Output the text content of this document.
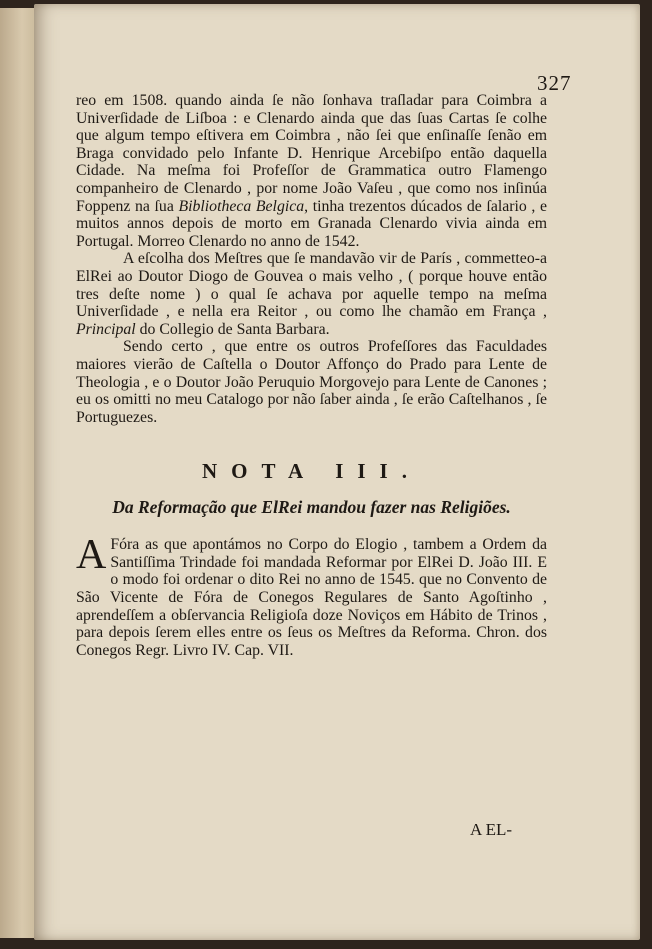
327

reo em 1508. quando ainda ſe não ſonhava traſladar para Coimbra a Univerſidade de Liſboa : e Clenardo ainda que das ſuas Cartas ſe colhe que algum tempo eſtivera em Coimbra , não ſei que enſinaſſe ſenão em Braga convidado pelo Infante D. Henrique Arcebiſpo então daquella Cidade. Na meſma foi Profeſſor de Grammatica outro Flamengo companheiro de Clenardo , por nome João Vaſeu , que como nos inſinúa Foppenz na ſua Bibliotheca Belgica, tinha trezentos dúcados de ſalario , e muitos annos depois de morto em Granada Clenardo vivia ainda em Portugal. Morreo Clenardo no anno de 1542.

A eſcolha dos Meſtres que ſe mandavão vir de París , commetteo-a ElRei ao Doutor Diogo de Gouvea o mais velho , ( porque houve então tres deſte nome ) o qual ſe achava por aquelle tempo na meſma Univerſidade , e nella era Reitor , ou como lhe chamão em França , Principal do Collegio de Santa Barbara.

Sendo certo , que entre os outros Profeſſores das Faculdades maiores vierão de Caſtella o Doutor Affonço do Prado para Lente de Theologia , e o Doutor João Peruquio Morgovejo para Lente de Canones ; eu os omitti no meu Catalogo por não ſaber ainda , ſe erão Caſtelhanos , ſe Portuguezes.

NOTA III.
Da Reformação que ElRei mandou fazer nas Religiões.

A Fóra as que apontámos no Corpo do Elogio , tambem a Ordem da Santiſſima Trindade foi mandada Reformar por ElRei D. João III. E o modo foi ordenar o dito Rei no anno de 1545. que no Convento de São Vicente de Fóra de Conegos Regulares de Santo Agoſtinho , aprendeſſem a obſervancia Religioſa doze Noviços em Hábito de Trinos , para depois ſerem elles entre os ſeus os Meſtres da Reforma. Chron. dos Conegos Regr. Livro IV. Cap. VII.

A EL-
